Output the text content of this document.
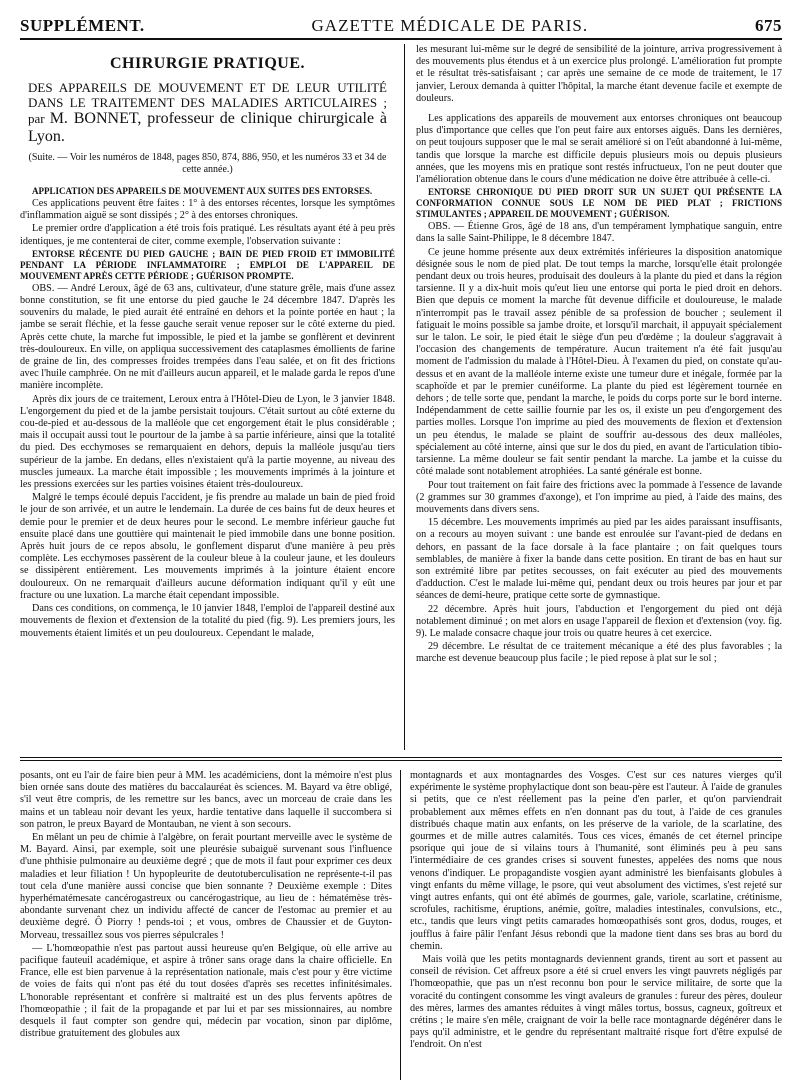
SUPPLÉMENT.	GAZETTE MÉDICALE DE PARIS.	675
CHIRURGIE PRATIQUE.
DES APPAREILS DE MOUVEMENT ET DE LEUR UTILITÉ DANS LE TRAITEMENT DES MALADIES ARTICULAIRES ; par M. BONNET, professeur de clinique chirurgicale à Lyon.
(Suite. — Voir les numéros de 1848, pages 850, 874, 886, 950, et les numéros 33 et 34 de cette année.)

APPLICATION DES APPAREILS DE MOUVEMENT AUX SUITES DES ENTORSES.

Ces applications peuvent être faites : 1° à des entorses récentes, lorsque les symptômes d'inflammation aiguë se sont dissipés ; 2° à des entorses chroniques.

Le premier ordre d'application a été trois fois pratiqué. Les résultats ayant été à peu près identiques, je me contenterai de citer, comme exemple, l'observation suivante :

ENTORSE RÉCENTE DU PIED GAUCHE ; BAIN DE PIED FROID ET IMMOBILITÉ PENDANT LA PÉRIODE INFLAMMATOIRE ; EMPLOI DE L'APPAREIL DE MOUVEMENT APRÈS CETTE PÉRIODE ; GUÉRISON PROMPTE.

OBS. — André Leroux, âgé de 63 ans, cultivateur, d'une stature grêle, mais d'une assez bonne constitution, se fit une entorse du pied gauche le 24 décembre 1847. D'après les souvenirs du malade, le pied aurait été entraîné en dehors et la pointe portée en haut ; la jambe se serait fléchie, et la fesse gauche serait venue reposer sur le côté externe du pied. Après cette chute, la marche fut impossible, le pied et la jambe se gonflèrent et devinrent très-douloureux. En ville, on appliqua successivement des cataplasmes émollients de farine de graine de lin, des compresses froides trempées dans l'eau salée, et on fit des frictions avec l'huile camphrée. On ne mit d'ailleurs aucun appareil, et le malade garda le repos d'une manière incomplète.

Après dix jours de ce traitement, Leroux entra à l'Hôtel-Dieu de Lyon, le 3 janvier 1848. L'engorgement du pied et de la jambe persistait toujours. C'était surtout au côté externe du cou-de-pied et au-dessous de la malléole que cet engorgement était le plus considérable ; mais il occupait aussi tout le pourtour de la jambe à sa partie inférieure, ainsi que la totalité du pied. Des ecchymoses se remarquaient en dehors, depuis la malléole jusqu'au tiers supérieur de la jambe. En dedans, elles n'existaient qu'à la partie moyenne, au niveau des muscles jumeaux. La marche était impossible ; les mouvements imprimés à la jointure et les pressions exercées sur les parties voisines étaient très-douloureux.

Malgré le temps écoulé depuis l'accident, je fis prendre au malade un bain de pied froid le jour de son arrivée, et un autre le lendemain. La durée de ces bains fut de deux heures et demie pour le premier et de deux heures pour le second. Le membre inférieur gauche fut ensuite placé dans une gouttière qui maintenait le pied immobile dans une bonne position. Après huit jours de ce repos absolu, le gonflement disparut d'une manière à peu près complète. Les ecchymoses passèrent de la couleur bleue à la couleur jaune, et les douleurs se dissipèrent entièrement. Les mouvements imprimés à la jointure étaient encore douloureux. On ne remarquait d'ailleurs aucune déformation indiquant qu'il y eût une fracture ou une luxation. La marche était cependant impossible.

Dans ces conditions, on commença, le 10 janvier 1848, l'emploi de l'appareil destiné aux mouvements de flexion et d'extension de la totalité du pied (fig. 9). Les premiers jours, les mouvements étaient limités et un peu douloureux. Cependant le malade,

les mesurant lui-même sur le degré de sensibilité de la jointure, arriva progressivement à des mouvements plus étendus et à un exercice plus prolongé. L'amélioration fut prompte et le résultat très-satisfaisant ; car après une semaine de ce mode de traitement, le 17 janvier, Leroux demanda à quitter l'hôpital, la marche étant devenue facile et exempte de douleurs.

Les applications des appareils de mouvement aux entorses chroniques ont beaucoup plus d'importance que celles que l'on peut faire aux entorses aiguës. Dans les dernières, on peut toujours supposer que le mal se serait amélioré si on l'eût abandonné à lui-même, tandis que lorsque la marche est difficile depuis plusieurs mois ou depuis plusieurs années, que les moyens mis en pratique sont restés infructueux, l'on ne peut douter que l'amélioration obtenue dans le cours d'une médication ne doive être attribuée à celle-ci.

ENTORSE CHRONIQUE DU PIED DROIT SUR UN SUJET QUI PRÉSENTE LA CONFORMATION CONNUE SOUS LE NOM DE PIED PLAT ; FRICTIONS STIMULANTES ; APPAREIL DE MOUVEMENT ; GUÉRISON.

OBS. — Étienne Gros, âgé de 18 ans, d'un tempérament lymphatique sanguin, entre dans la salle Saint-Philippe, le 8 décembre 1847.

Ce jeune homme présente aux deux extrémités inférieures la disposition anatomique désignée sous le nom de pied plat. De tout temps la marche, lorsqu'elle était prolongée pendant deux ou trois heures, produisait des douleurs à la plante du pied et dans la région tarsienne. Il y a dix-huit mois qu'eut lieu une entorse qui porta le pied droit en dehors. Bien que depuis ce moment la marche fût devenue difficile et douloureuse, le malade n'interrompit pas le travail assez pénible de sa profession de boucher ; seulement il fatiguait le moins possible sa jambe droite, et lorsqu'il marchait, il appuyait spécialement sur le talon. Le soir, le pied était le siège d'un peu d'œdème ; la douleur s'aggravait à l'occasion des changements de température. Aucun traitement n'a été fait jusqu'au moment de l'admission du malade à l'Hôtel-Dieu. À l'examen du pied, on constate qu'au-dessus et en avant de la malléole interne existe une tumeur dure et inégale, formée par la scaphoïde et par le premier cunéiforme. La plante du pied est légèrement tournée en dehors ; de telle sorte que, pendant la marche, le poids du corps porte sur le bord interne. Indépendamment de cette saillie fournie par les os, il existe un peu d'engorgement des parties molles. Lorsque l'on imprime au pied des mouvements de flexion et d'extension un peu étendus, le malade se plaint de souffrir au-dessous des deux malléoles, spécialement au côté interne, ainsi que sur le dos du pied, en avant de l'articulation tibio-tarsienne. La même douleur se fait sentir pendant la marche. La jambe et la cuisse du côté malade sont notablement atrophiées. La santé générale est bonne.

Pour tout traitement on fait faire des frictions avec la pommade à l'essence de lavande (2 grammes sur 30 grammes d'axonge), et l'on imprime au pied, à l'aide des mains, des mouvements dans divers sens.

15 décembre. Les mouvements imprimés au pied par les aides paraissant insuffisants, on a recours au moyen suivant : une bande est enroulée sur l'avant-pied de dedans en dehors, en passant de la face dorsale à la face plantaire ; on fait quelques tours semblables, de manière à fixer la bande dans cette position. En tirant de bas en haut sur son extrémité libre par petites secousses, on fait exécuter au pied des mouvements d'adduction. C'est le malade lui-même qui, pendant deux ou trois heures par jour et par séances de demi-heure, pratique cette sorte de gymnastique.

22 décembre. Après huit jours, l'abduction et l'engorgement du pied ont déjà notablement diminué ; on met alors en usage l'appareil de flexion et d'extension (voy. fig. 9). Le malade consacre chaque jour trois ou quatre heures à cet exercice.

29 décembre. Le résultat de ce traitement mécanique a été des plus favorables ; la marche est devenue beaucoup plus facile ; le pied repose à plat sur le sol ;

posants, ont eu l'air de faire bien peur à MM. les académiciens, dont la mémoire n'est plus bien ornée sans doute des matières du baccalauréat ès sciences. M. Bayard va être obligé, s'il veut être compris, de les remettre sur les bancs, avec un morceau de craie dans les mains et un tableau noir devant les yeux, hardie tentative dans laquelle il succombera si son patron, le preux Bayard de Montauban, ne vient à son secours.

En mêlant un peu de chimie à l'algèbre, on ferait pourtant merveille avec le système de M. Bayard. Ainsi, par exemple, soit une pleurésie subaiguë survenant sous l'influence d'une phthisie pulmonaire au deuxième degré ; que de mots il faut pour exprimer ces deux maladies et leur filiation ! Un hypopleurite de deutotuberculisation ne représente-t-il pas tout cela d'une manière aussi concise que bien sonnante ? Deuxième exemple : Dites hyperhématémesate cancérogastreux ou cancérogastrique, au lieu de : hématémèse très-abondante survenant chez un individu affecté de cancer de l'estomac au premier et au deuxième degré. Ô Piorry ! pends-toi ; et vous, ombres de Chaussier et de Guyton-Morveau, tressaillez sous vos pierres sépulcrales !

— L'homœopathie n'est pas partout aussi heureuse qu'en Belgique, où elle arrive au pacifique fauteuil académique, et aspire à trôner sans orage dans la chaire officielle. En France, elle est bien parvenue à la représentation nationale, mais c'est pour y être victime de voies de faits qui n'ont pas été du tout dosées d'après ses recettes infinitésimales. L'honorable représentant et confrère si maltraité est un des plus fervents apôtres de l'homœopathie ; il fait de la propagande et par lui et par ses missionnaires, au nombre desquels il faut compter son gendre qui, médecin par vocation, sinon par diplôme, distribue gratuitement des globules aux

montagnards et aux montagnardes des Vosges. C'est sur ces natures vierges qu'il expérimente le système prophylactique dont son beau-père est l'auteur. À l'aide de granules si petits, que ce n'est réellement pas la peine d'en parler, et qu'on parviendrait probablement aux mêmes effets en n'en donnant pas du tout, à l'aide de ces granules distribués chaque matin aux enfants, on les préserve de la variole, de la scarlatine, des gourmes et de mille autres calamités. Tous ces vices, émanés de cet éternel principe psorique qui joue de si vilains tours à l'humanité, sont éliminés peu à peu sans l'intermédiaire de ces grandes crises si souvent funestes, appelées des noms que nous venons d'indiquer. Le propagandiste vosgien ayant administré les bienfaisants globules à vingt enfants du même village, le psore, qui veut absolument des victimes, s'est rejeté sur vingt autres enfants, qui ont été abîmés de gourmes, gale, variole, scarlatine, crétinisme, scrofules, rachitisme, éruptions, anémie, goître, maladies intestinales, convulsions, etc., etc., tandis que leurs vingt petits camarades homœopathisés sont gros, dodus, rouges, et joufflus à faire pâlir l'enfant Jésus rebondi que la madone tient dans ses bras au bord du chemin.

Mais voilà que les petits montagnards deviennent grands, tirent au sort et passent au conseil de révision. Cet affreux psore a été si cruel envers les vingt pauvrets négligés par l'homœopathie, que pas un n'est reconnu bon pour le service militaire, de sorte que la voracité du contingent consomme les vingt avaleurs de granules : fureur des pères, douleur des mères, larmes des amantes réduites à vingt mâles tortus, bossus, cagneux, goîtreux et crétins ; le maire s'en mêle, craignant de voir la belle race montagnarde dégénérer dans le pays qu'il administre, et le gendre du représentant maltraité risque fort d'être expulsé de l'endroit. On n'est
